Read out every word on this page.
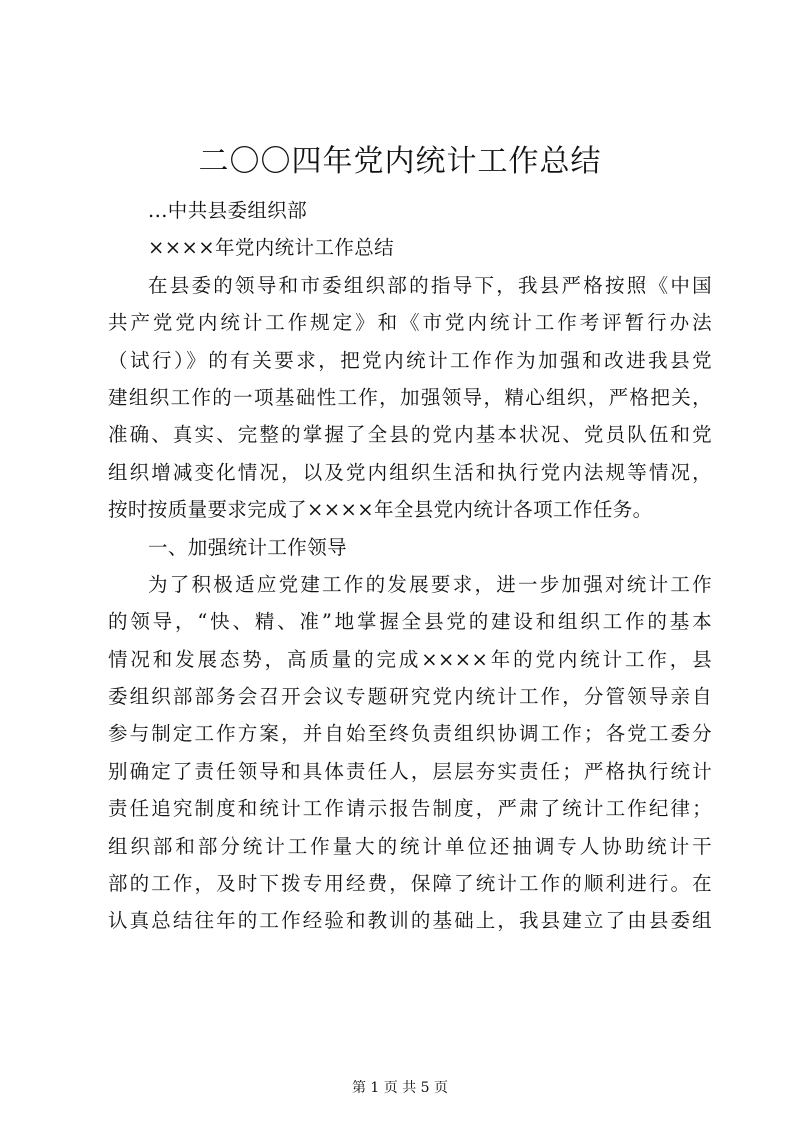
二〇〇四年党内统计工作总结
...中共县委组织部
××××年党内统计工作总结
在县委的领导和市委组织部的指导下，我县严格按照《中国
共产党党内统计工作规定》和《市党内统计工作考评暂行办法
（试行）》的有关要求，把党内统计工作作为加强和改进我县党
建组织工作的一项基础性工作，加强领导，精心组织，严格把关，
准确、真实、完整的掌握了全县的党内基本状况、党员队伍和党
组织增减变化情况，以及党内组织生活和执行党内法规等情况，
按时按质量要求完成了××××年全县党内统计各项工作任务。
一、加强统计工作领导
为了积极适应党建工作的发展要求，进一步加强对统计工作
的领导，“快、精、准”地掌握全县党的建设和组织工作的基本
情况和发展态势，高质量的完成××××年的党内统计工作，县
委组织部部务会召开会议专题研究党内统计工作，分管领导亲自
参与制定工作方案，并自始至终负责组织协调工作；各党工委分
别确定了责任领导和具体责任人，层层夯实责任；严格执行统计
责任追究制度和统计工作请示报告制度，严肃了统计工作纪律；
组织部和部分统计工作量大的统计单位还抽调专人协助统计干
部的工作，及时下拨专用经费，保障了统计工作的顺利进行。在
认真总结往年的工作经验和教训的基础上，我县建立了由县委组
第 1 页 共 5 页
